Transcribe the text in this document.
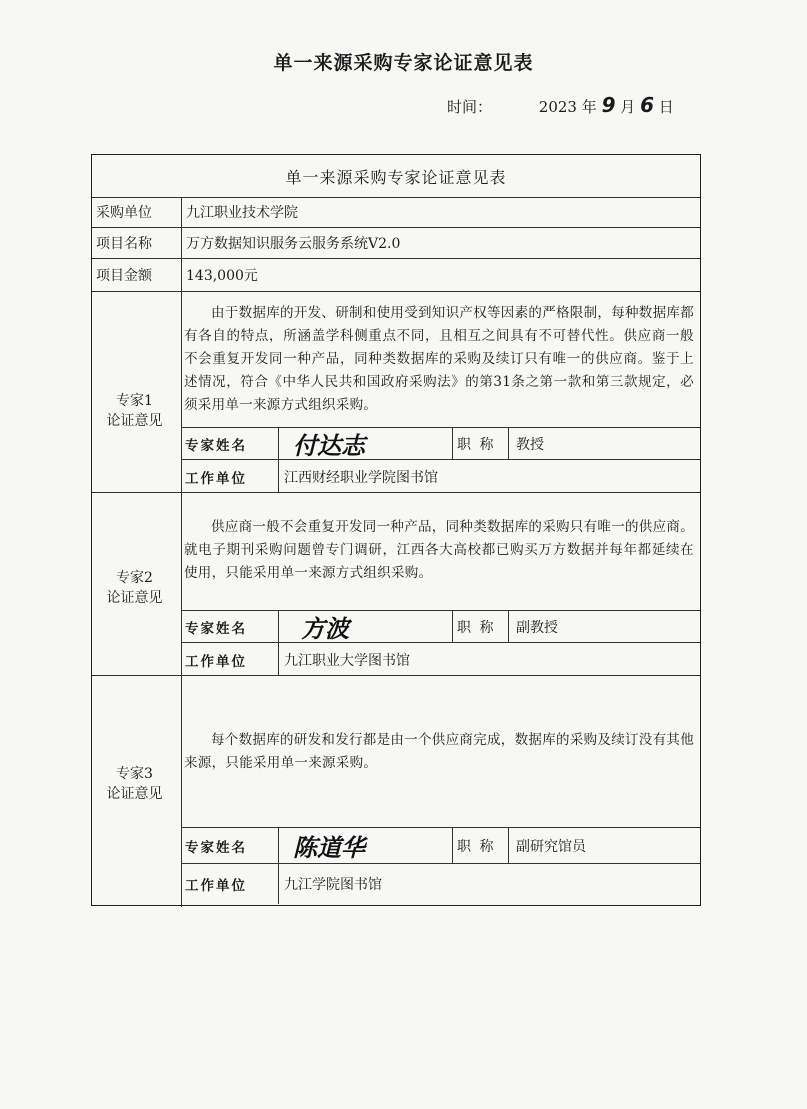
单一来源采购专家论证意见表
时间：	2023 年 9 月 6 日
单一来源采购专家论证意见表
采购单位	九江职业技术学院
项目名称	万方数据知识服务云服务系统V2.0
项目金额	143,000元
专家1
论证意见
由于数据库的开发、研制和使用受到知识产权等因素的严格限制，每种数据库都有各自的特点，所涵盖学科侧重点不同，且相互之间具有不可替代性。供应商一般不会重复开发同一种产品，同种类数据库的采购及续订只有唯一的供应商。鉴于上述情况，符合《中华人民共和国政府采购法》的第31条之第一款和第三款规定，必须采用单一来源方式组织采购。
专家姓名	付达志	职 称	教授
工作单位	江西财经职业学院图书馆
专家2
论证意见
供应商一般不会重复开发同一种产品，同种类数据库的采购只有唯一的供应商。就电子期刊采购问题曾专门调研，江西各大高校都已购买万方数据并每年都延续在使用，只能采用单一来源方式组织采购。
专家姓名	方波	职 称	副教授
工作单位	九江职业大学图书馆
专家3
论证意见
每个数据库的研发和发行都是由一个供应商完成，数据库的采购及续订没有其他来源，只能采用单一来源采购。
专家姓名	陈道华	职 称	副研究馆员
工作单位	九江学院图书馆
